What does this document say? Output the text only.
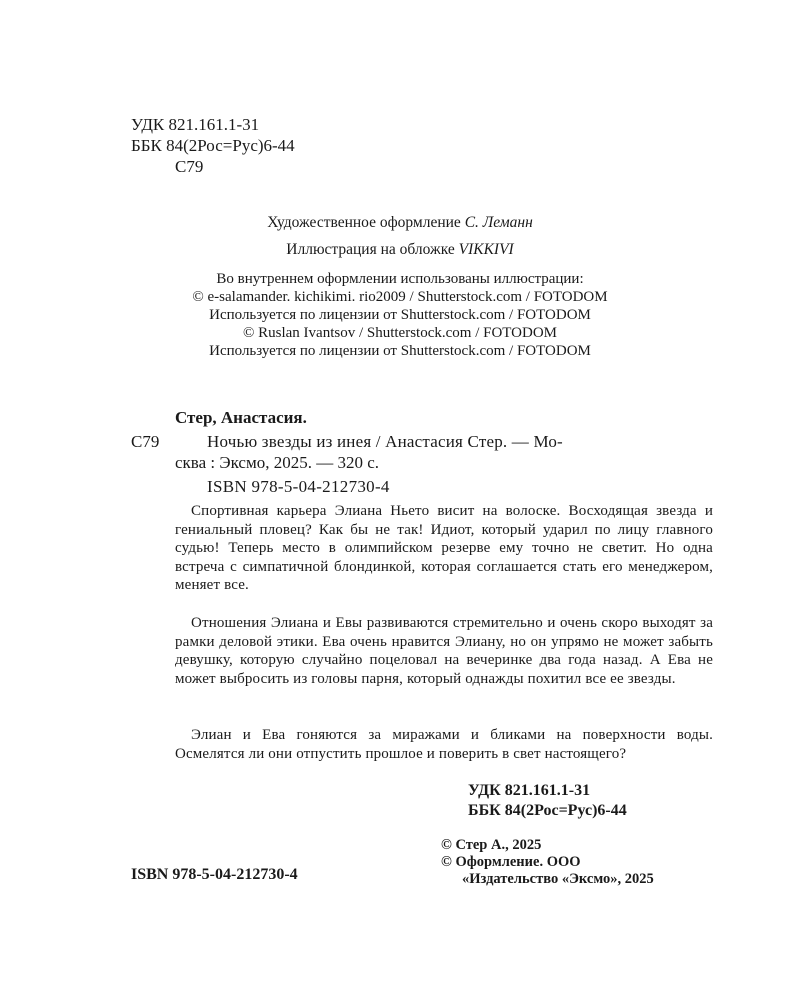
УДК 821.161.1-31
ББК 84(2Рос=Рус)6-44
С79
Художественное оформление С. Леманн
Иллюстрация на обложке VIKKIVI
Во внутреннем оформлении использованы иллюстрации:
© e-salamander. kichikimi. rio2009 / Shutterstock.com / FOTODOM
Используется по лицензии от Shutterstock.com / FOTODOM
© Ruslan Ivantsov / Shutterstock.com / FOTODOM
Используется по лицензии от Shutterstock.com / FOTODOM
Стер, Анастасия.
С79	Ночью звезды из инея / Анастасия Стер. — Мо-
сква : Эксмо, 2025. — 320 с.
ISBN 978-5-04-212730-4
Спортивная карьера Элиана Ньето висит на волоске. Восходящая звезда и гениальный пловец? Как бы не так! Идиот, который ударил по лицу главного судью! Теперь место в олимпийском резерве ему точно не светит. Но одна встреча с симпатичной блондинкой, которая соглашается стать его менеджером, меняет все.
Отношения Элиана и Евы развиваются стремительно и очень скоро выходят за рамки деловой этики. Ева очень нравится Элиану, но он упрямо не может забыть девушку, которую случайно поцеловал на вечеринке два года назад. А Ева не может выбросить из головы парня, который однажды похитил все ее звезды.
Элиан и Ева гоняются за миражами и бликами на поверхности воды. Осмелятся ли они отпустить прошлое и поверить в свет настоящего?
УДК 821.161.1-31
ББК 84(2Рос=Рус)6-44
ISBN 978-5-04-212730-4
© Стер А., 2025
© Оформление. ООО
«Издательство «Эксмо», 2025
